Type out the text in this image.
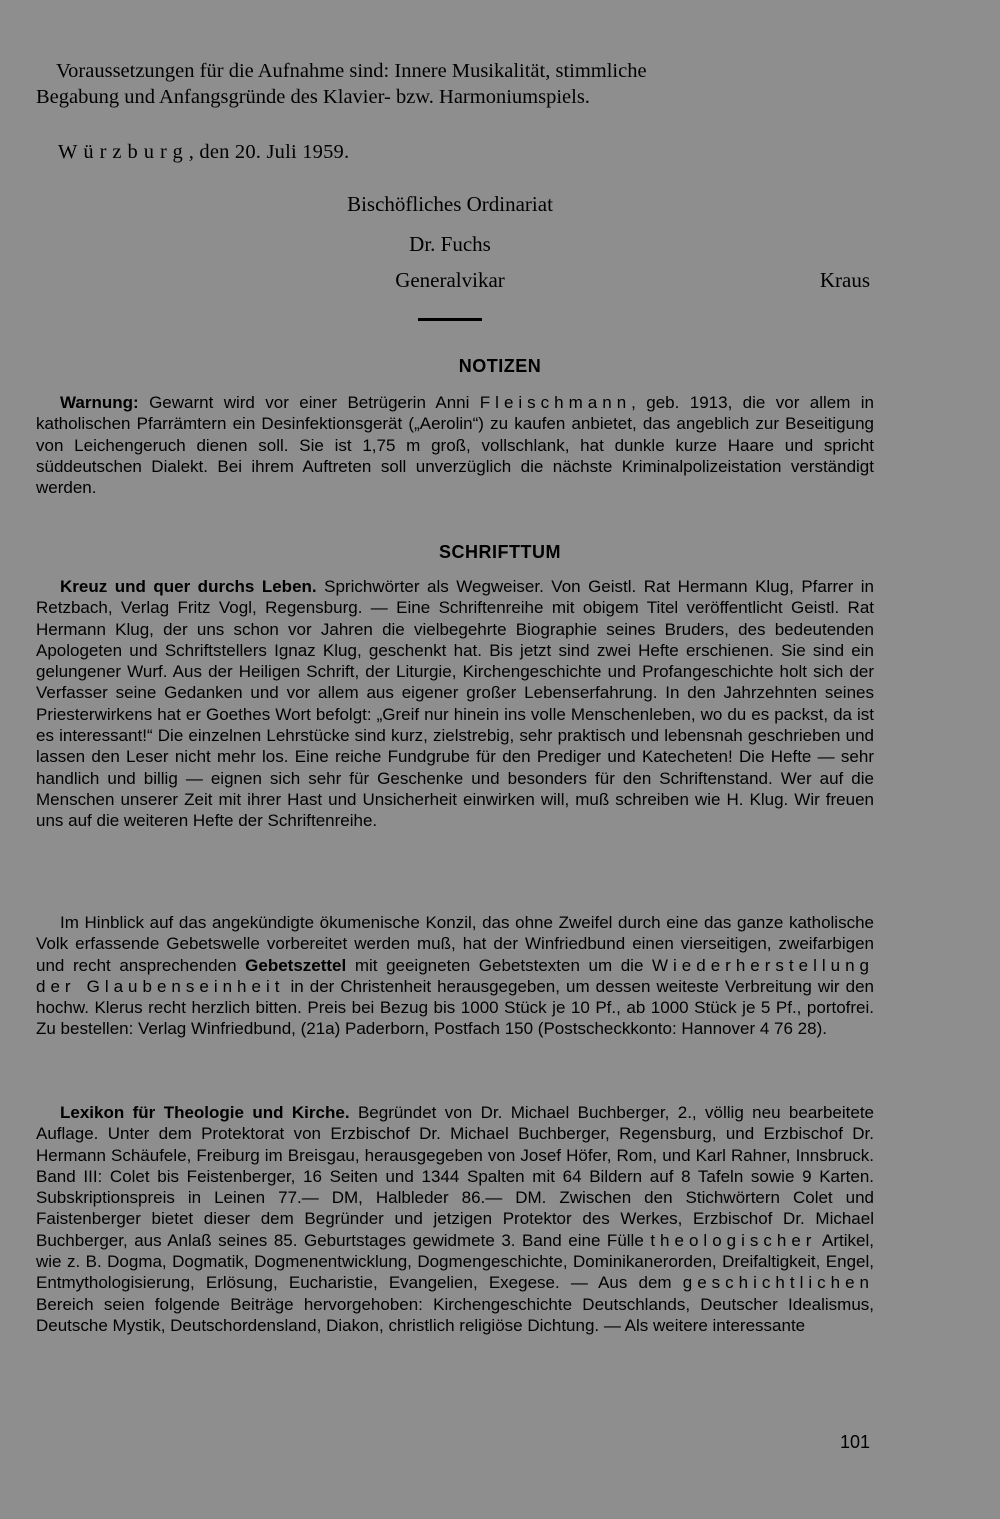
Voraussetzungen für die Aufnahme sind: Innere Musikalität, stimmliche

Begabung und Anfangsgründe des Klavier- bzw. Harmoniumspiels.

Würzburg, den 20. Juli 1959.
Bischöfliches Ordinariat
Dr. Fuchs
Generalvikar	Kraus
NOTIZEN

Warnung: Gewarnt wird vor einer Betrügerin Anni Fleischmann, geb. 1913, die vor allem in katholischen Pfarrämtern ein Desinfektionsgerät („Aerolin“) zu kaufen anbietet, das angeblich zur Beseitigung von Leichengeruch dienen soll. Sie ist 1,75 m groß, vollschlank, hat dunkle kurze Haare und spricht süddeutschen Dialekt. Bei ihrem Auftreten soll unverzüglich die nächste Kriminalpolizeistation verständigt werden.

SCHRIFTTUM

Kreuz und quer durchs Leben. Sprichwörter als Wegweiser. Von Geistl. Rat Hermann Klug, Pfarrer in Retzbach, Verlag Fritz Vogl, Regensburg. — Eine Schriftenreihe mit obigem Titel veröffentlicht Geistl. Rat Hermann Klug, der uns schon vor Jahren die vielbegehrte Biographie seines Bruders, des bedeutenden Apologeten und Schriftstellers Ignaz Klug, geschenkt hat. Bis jetzt sind zwei Hefte erschienen. Sie sind ein gelungener Wurf. Aus der Heiligen Schrift, der Liturgie, Kirchengeschichte und Profangeschichte holt sich der Verfasser seine Gedanken und vor allem aus eigener großer Lebenserfahrung. In den Jahrzehnten seines Priesterwirkens hat er Goethes Wort befolgt: „Greif nur hinein ins volle Menschenleben, wo du es packst, da ist es interessant!“ Die einzelnen Lehrstücke sind kurz, zielstrebig, sehr praktisch und lebensnah geschrieben und lassen den Leser nicht mehr los. Eine reiche Fundgrube für den Prediger und Katecheten! Die Hefte — sehr handlich und billig — eignen sich sehr für Geschenke und besonders für den Schriftenstand. Wer auf die Menschen unserer Zeit mit ihrer Hast und Unsicherheit einwirken will, muß schreiben wie H. Klug. Wir freuen uns auf die weiteren Hefte der Schriftenreihe.

Im Hinblick auf das angekündigte ökumenische Konzil, das ohne Zweifel durch eine das ganze katholische Volk erfassende Gebetswelle vorbereitet werden muß, hat der Winfriedbund einen vierseitigen, zweifarbigen und recht ansprechenden Gebetszettel mit geeigneten Gebetstexten um die Wiederherstellung der Glaubenseinheit in der Christenheit herausgegeben, um dessen weiteste Verbreitung wir den hochw. Klerus recht herzlich bitten. Preis bei Bezug bis 1000 Stück je 10 Pf., ab 1000 Stück je 5 Pf., portofrei. Zu bestellen: Verlag Winfriedbund, (21a) Paderborn, Postfach 150 (Postscheckkonto: Hannover 4 76 28).

Lexikon für Theologie und Kirche. Begründet von Dr. Michael Buchberger, 2., völlig neu bearbeitete Auflage. Unter dem Protektorat von Erzbischof Dr. Michael Buchberger, Regensburg, und Erzbischof Dr. Hermann Schäufele, Freiburg im Breisgau, herausgegeben von Josef Höfer, Rom, und Karl Rahner, Innsbruck. Band III: Colet bis Feistenberger, 16 Seiten und 1344 Spalten mit 64 Bildern auf 8 Tafeln sowie 9 Karten. Subskriptionspreis in Leinen 77.— DM, Halbleder 86.— DM. Zwischen den Stichwörtern Colet und Faistenberger bietet dieser dem Begründer und jetzigen Protektor des Werkes, Erzbischof Dr. Michael Buchberger, aus Anlaß seines 85. Geburtstages gewidmete 3. Band eine Fülle theologischer Artikel, wie z. B. Dogma, Dogmatik, Dogmenentwicklung, Dogmengeschichte, Dominikanerorden, Dreifaltigkeit, Engel, Entmythologisierung, Erlösung, Eucharistie, Evangelien, Exegese. — Aus dem geschichtlichen Bereich seien folgende Beiträge hervorgehoben: Kirchengeschichte Deutschlands, Deutscher Idealismus, Deutsche Mystik, Deutschordensland, Diakon, christlich religiöse Dichtung. — Als weitere interessante

101
